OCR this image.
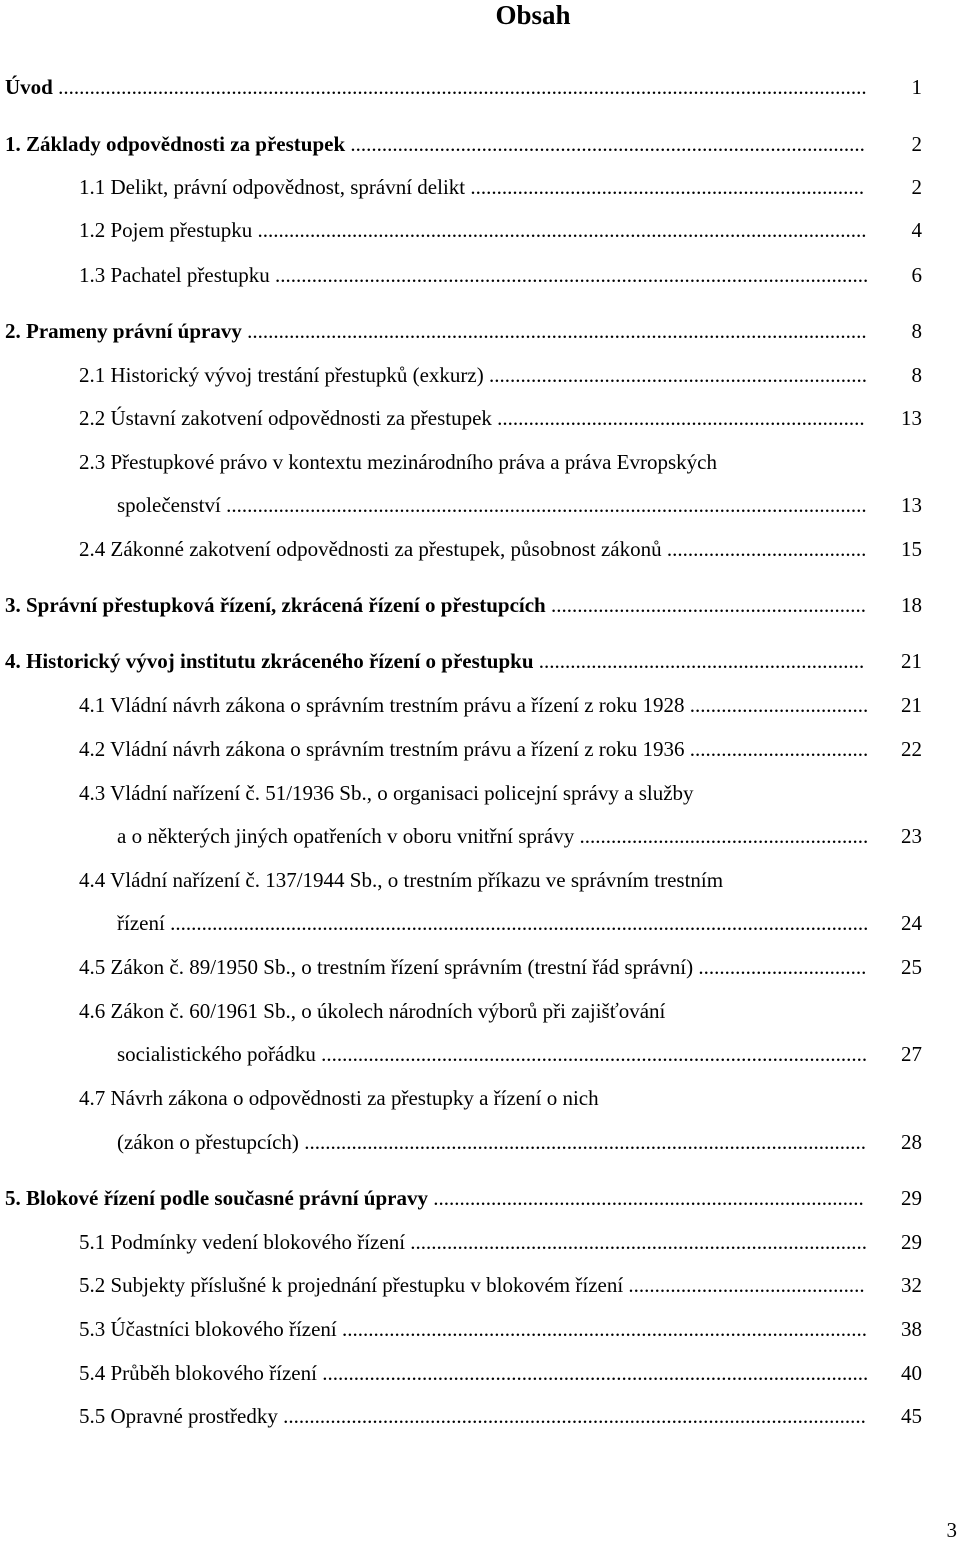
Obsah
Úvod ..........................................................................................................................................................	1
1. Základy odpovědnosti za přestupek ..................................................................................................	2
1.1 Delikt, právní odpovědnost, správní delikt ...........................................................................	2
1.2 Pojem přestupku ....................................................................................................................	4
1.3 Pachatel přestupku .................................................................................................................	6
2. Prameny právní úpravy ......................................................................................................................	8
2.1 Historický vývoj trestání přestupků (exkurz) ........................................................................	8
2.2 Ústavní zakotvení odpovědnosti za přestupek ......................................................................	13
2.3 Přestupkové právo v kontextu mezinárodního práva a práva Evropských
společenství ..........................................................................................................................	13
2.4 Zákonné zakotvení odpovědnosti za přestupek, působnost zákonů ......................................	15
3. Správní přestupková řízení, zkrácená řízení o přestupcích ............................................................	18
4. Historický vývoj institutu zkráceného řízení o přestupku ..............................................................	21
4.1 Vládní návrh zákona o správním trestním právu a řízení z roku 1928 ..................................	21
4.2 Vládní návrh zákona o správním trestním právu a řízení z roku 1936 ..................................	22
4.3 Vládní nařízení č. 51/1936 Sb., o organisaci policejní správy a služby
a o některých jiných opatřeních v oboru vnitřní správy .......................................................	23
4.4 Vládní nařízení č. 137/1944 Sb., o trestním příkazu ve správním trestním
řízení .....................................................................................................................................	24
4.5 Zákon č. 89/1950 Sb., o trestním řízení správním (trestní řád správní) ................................	25
4.6 Zákon č. 60/1961 Sb., o úkolech národních výborů při zajišťování
socialistického pořádku ........................................................................................................	27
4.7 Návrh zákona o odpovědnosti za přestupky a řízení o nich
(zákon o přestupcích) ...........................................................................................................	28
5. Blokové řízení podle současné právní úpravy ..................................................................................	29
5.1 Podmínky vedení blokového řízení .......................................................................................	29
5.2 Subjekty příslušné k projednání přestupku v blokovém řízení .............................................	32
5.3 Účastníci blokového řízení ....................................................................................................	38
5.4 Průběh blokového řízení ........................................................................................................	40
5.5 Opravné prostředky ...............................................................................................................	45
3
